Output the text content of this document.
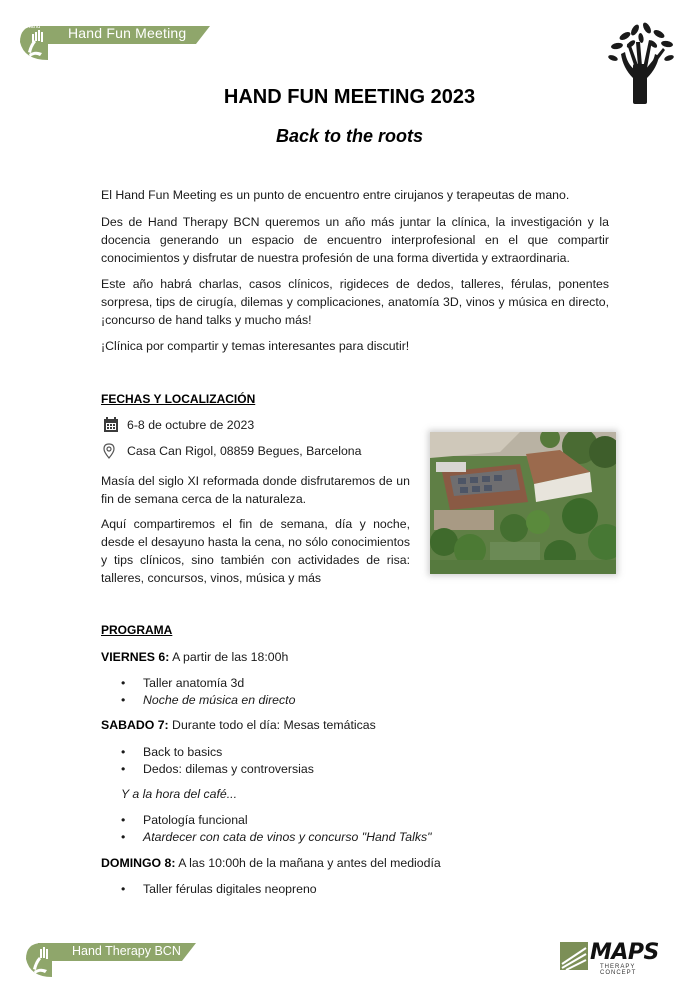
Hand Hand Fun Meeting
HAND FUN MEETING 2023
Back to the roots
El Hand Fun Meeting es un punto de encuentro entre cirujanos y terapeutas de mano.
Des de Hand Therapy BCN queremos un año más juntar la clínica, la investigación y la docencia generando un espacio de encuentro interprofesional en el que compartir conocimientos y disfrutar de nuestra profesión de una forma divertida y extraordinaria.
Este año habrá charlas, casos clínicos, rigideces de dedos, talleres, férulas, ponentes sorpresa, tips de cirugía, dilemas y complicaciones, anatomía 3D, vinos y música en directo, ¡concurso de hand talks y mucho más!
¡Clínica por compartir y temas interesantes para discutir!
FECHAS Y LOCALIZACIÓN
6-8 de octubre de 2023
Casa Can Rigol, 08859 Begues, Barcelona
Masía del siglo XI reformada donde disfrutaremos de un fin de semana cerca de la naturaleza.
Aquí compartiremos el fin de semana, día y noche, desde el desayuno hasta la cena, no sólo conocimientos y tips clínicos, sino también con actividades de risa: talleres, concursos, vinos, música y más
PROGRAMA
VIERNES 6: A partir de las 18:00h
Taller anatomía 3d
Noche de música en directo
SABADO 7: Durante todo el día: Mesas temáticas
Back to basics
Dedos: dilemas y controversias
Y a la hora del café...
Patología funcional
Atardecer con cata de vinos y concurso "Hand Talks"
DOMINGO 8: A las 10:00h de la mañana y antes del mediodía
Taller férulas digitales neopreno
Hand Therapy BCN	MAPS
THERAPY CONCEPT
